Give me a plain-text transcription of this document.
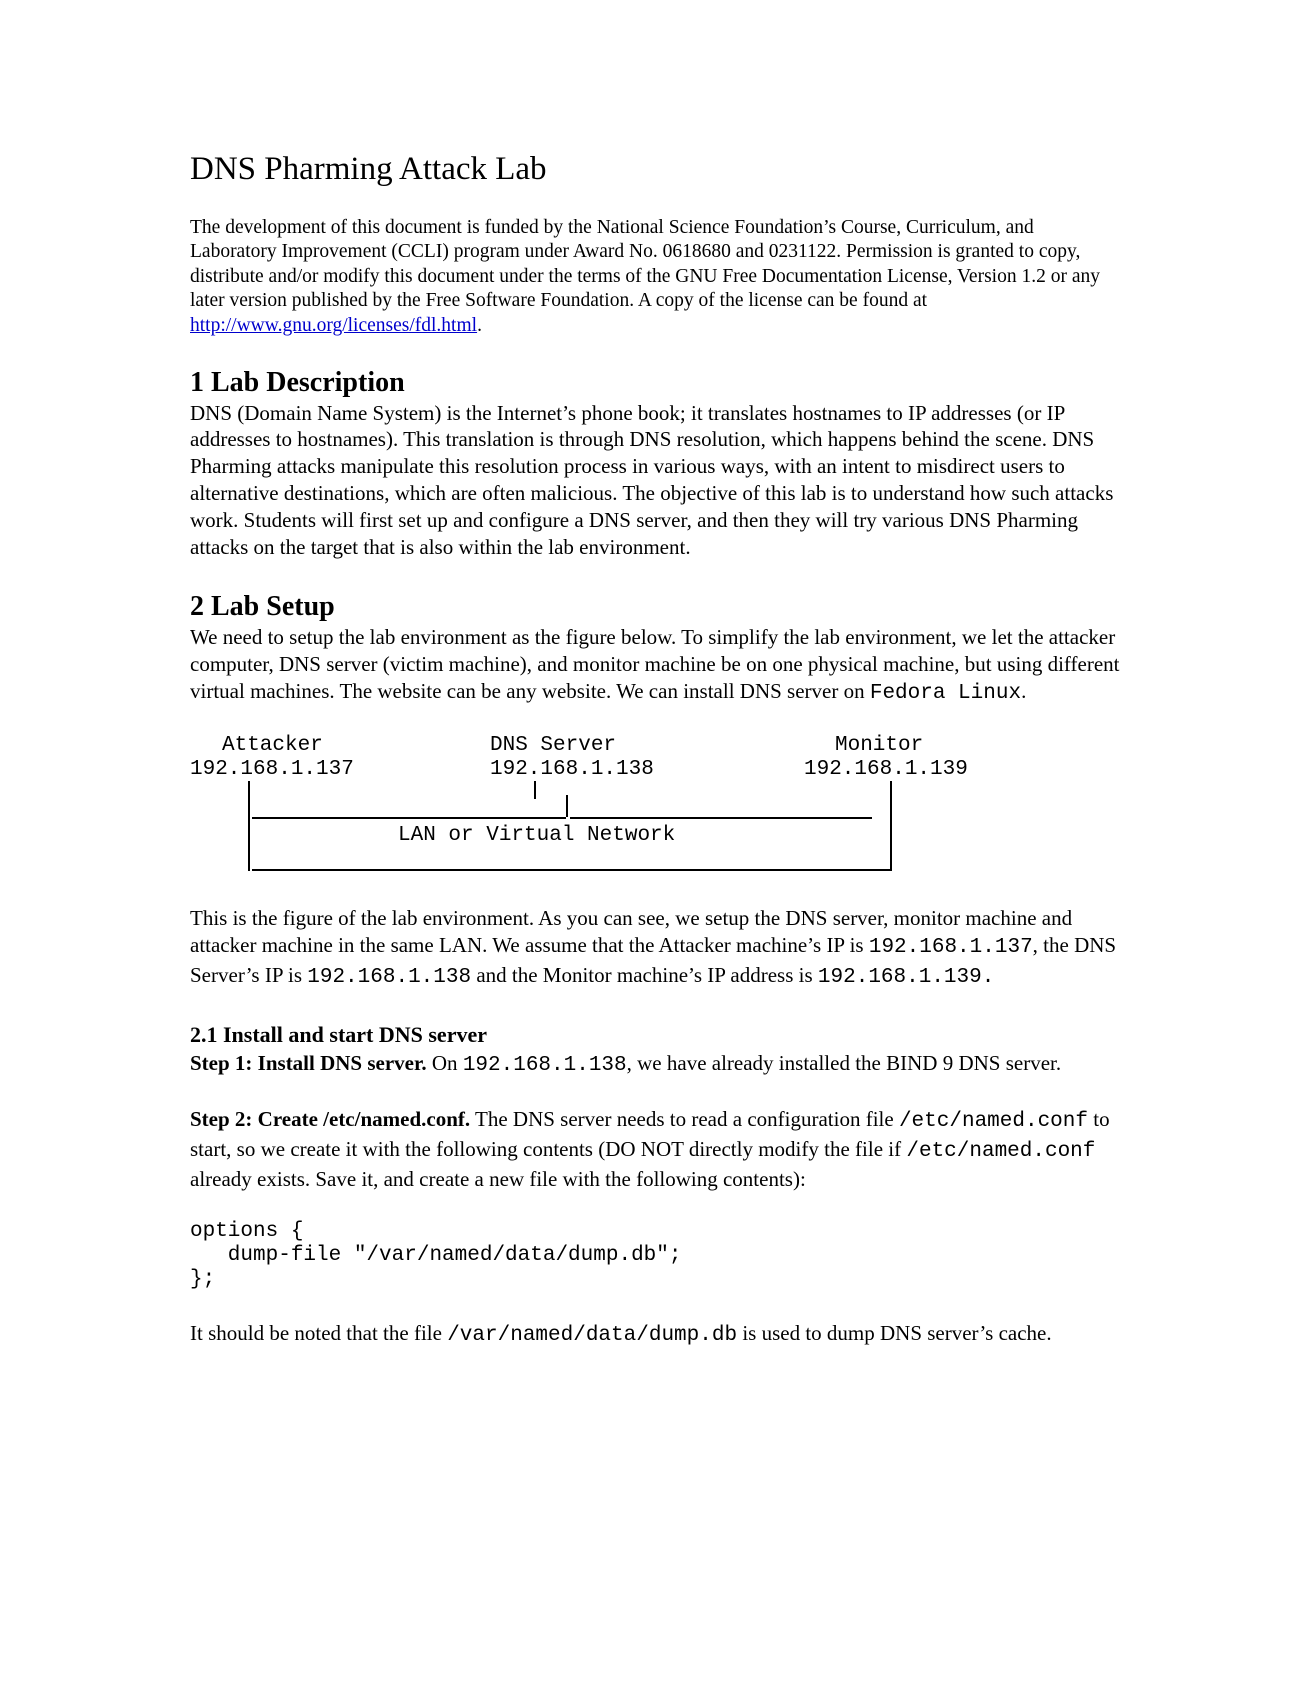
DNS Pharming Attack Lab

The development of this document is funded by the National Science Foundation’s Course, Curriculum, and Laboratory Improvement (CCLI) program under Award No. 0618680 and 0231122. Permission is granted to copy, distribute and/or modify this document under the terms of the GNU Free Documentation License, Version 1.2 or any later version published by the Free Software Foundation. A copy of the license can be found at http://www.gnu.org/licenses/fdl.html.

1 Lab Description

DNS (Domain Name System) is the Internet’s phone book; it translates hostnames to IP addresses (or IP addresses to hostnames). This translation is through DNS resolution, which happens behind the scene. DNS Pharming attacks manipulate this resolution process in various ways, with an intent to misdirect users to alternative destinations, which are often malicious. The objective of this lab is to understand how such attacks work. Students will first set up and configure a DNS server, and then they will try various DNS Pharming attacks on the target that is also within the lab environment.

2 Lab Setup

We need to setup the lab environment as the figure below. To simplify the lab environment, we let the attacker computer, DNS server (victim machine), and monitor machine be on one physical machine, but using different virtual machines. The website can be any website. We can install DNS server on Fedora Linux.

Attacker
192.168.1.137
DNS Server
192.168.1.138
Monitor
192.168.1.139
LAN or Virtual Network

This is the figure of the lab environment. As you can see, we setup the DNS server, monitor machine and attacker machine in the same LAN. We assume that the Attacker machine’s IP is 192.168.1.137, the DNS Server’s IP is 192.168.1.138 and the Monitor machine’s IP address is 192.168.1.139.

2.1 Install and start DNS server

Step 1: Install DNS server. On 192.168.1.138, we have already installed the BIND 9 DNS server.

Step 2: Create /etc/named.conf. The DNS server needs to read a configuration file /etc/named.conf to start, so we create it with the following contents (DO NOT directly modify the file if /etc/named.conf already exists. Save it, and create a new file with the following contents):

options {
dump-file "/var/named/data/dump.db";
};

It should be noted that the file /var/named/data/dump.db is used to dump DNS server’s cache.
